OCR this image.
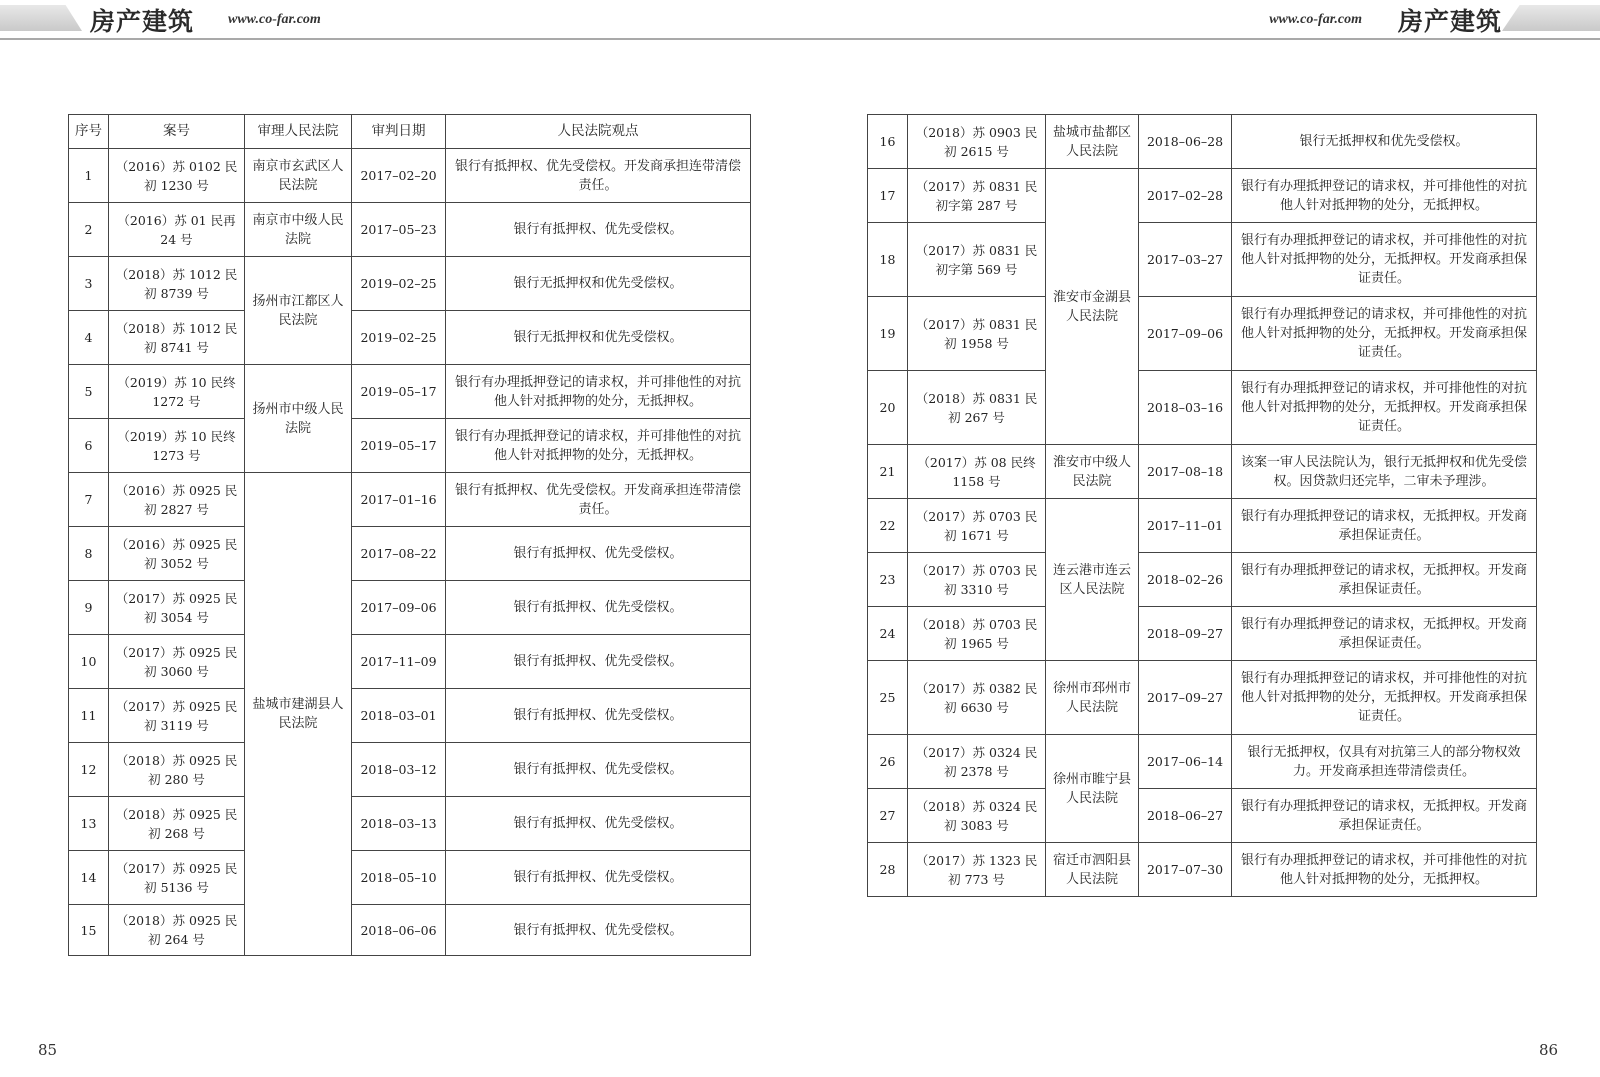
房产建筑 www.co-far.com	www.co-far.com 房产建筑
序号	案号	审理人民法院	审判日期	人民法院观点
1	（2016）苏 0102 民初 1230 号	南京市玄武区人民法院	2017–02–20	银行有抵押权、优先受偿权。开发商承担连带清偿责任。
2	（2016）苏 01 民再 24 号	南京市中级人民法院	2017–05–23	银行有抵押权、优先受偿权。
3	（2018）苏 1012 民初 8739 号	扬州市江都区人民法院	2019–02–25	银行无抵押权和优先受偿权。
4	（2018）苏 1012 民初 8741 号		2019–02–25	银行无抵押权和优先受偿权。
5	（2019）苏 10 民终 1272 号	扬州市中级人民法院	2019–05–17	银行有办理抵押登记的请求权，并可排他性的对抗他人针对抵押物的处分，无抵押权。
6	（2019）苏 10 民终 1273 号		2019–05–17	银行有办理抵押登记的请求权，并可排他性的对抗他人针对抵押物的处分，无抵押权。
7	（2016）苏 0925 民初 2827 号	盐城市建湖县人民法院	2017–01–16	银行有抵押权、优先受偿权。开发商承担连带清偿责任。
8	（2016）苏 0925 民初 3052 号		2017–08–22	银行有抵押权、优先受偿权。
9	（2017）苏 0925 民初 3054 号		2017–09–06	银行有抵押权、优先受偿权。
10	（2017）苏 0925 民初 3060 号		2017–11–09	银行有抵押权、优先受偿权。
11	（2017）苏 0925 民初 3119 号		2018–03–01	银行有抵押权、优先受偿权。
12	（2018）苏 0925 民初 280 号		2018–03–12	银行有抵押权、优先受偿权。
13	（2018）苏 0925 民初 268 号		2018–03–13	银行有抵押权、优先受偿权。
14	（2017）苏 0925 民初 5136 号		2018–05–10	银行有抵押权、优先受偿权。
15	（2018）苏 0925 民初 264 号		2018–06–06	银行有抵押权、优先受偿权。
16	（2018）苏 0903 民初 2615 号	盐城市盐都区人民法院	2018–06–28	银行无抵押权和优先受偿权。
17	（2017）苏 0831 民初字第 287 号	淮安市金湖县人民法院	2017–02–28	银行有办理抵押登记的请求权，并可排他性的对抗他人针对抵押物的处分，无抵押权。
18	（2017）苏 0831 民初字第 569 号		2017–03–27	银行有办理抵押登记的请求权，并可排他性的对抗他人针对抵押物的处分，无抵押权。开发商承担保证责任。
19	（2017）苏 0831 民初 1958 号		2017–09–06	银行有办理抵押登记的请求权，并可排他性的对抗他人针对抵押物的处分，无抵押权。开发商承担保证责任。
20	（2018）苏 0831 民初 267 号		2018–03–16	银行有办理抵押登记的请求权，并可排他性的对抗他人针对抵押物的处分，无抵押权。开发商承担保证责任。
21	（2017）苏 08 民终 1158 号	淮安市中级人民法院	2017–08–18	该案一审人民法院认为，银行无抵押权和优先受偿权。因贷款归还完毕，二审未予理涉。
22	（2017）苏 0703 民初 1671 号	连云港市连云区人民法院	2017–11–01	银行有办理抵押登记的请求权，无抵押权。开发商承担保证责任。
23	（2017）苏 0703 民初 3310 号		2018–02–26	银行有办理抵押登记的请求权，无抵押权。开发商承担保证责任。
24	（2018）苏 0703 民初 1965 号		2018–09–27	银行有办理抵押登记的请求权，无抵押权。开发商承担保证责任。
25	（2017）苏 0382 民初 6630 号	徐州市邳州市人民法院	2017–09–27	银行有办理抵押登记的请求权，并可排他性的对抗他人针对抵押物的处分，无抵押权。开发商承担保证责任。
26	（2017）苏 0324 民初 2378 号	徐州市睢宁县人民法院	2017–06–14	银行无抵押权，仅具有对抗第三人的部分物权效力。开发商承担连带清偿责任。
27	（2018）苏 0324 民初 3083 号		2018–06–27	银行有办理抵押登记的请求权，无抵押权。开发商承担保证责任。
28	（2017）苏 1323 民初 773 号	宿迁市泗阳县人民法院	2017–07–30	银行有办理抵押登记的请求权，并可排他性的对抗他人针对抵押物的处分，无抵押权。
85	86
